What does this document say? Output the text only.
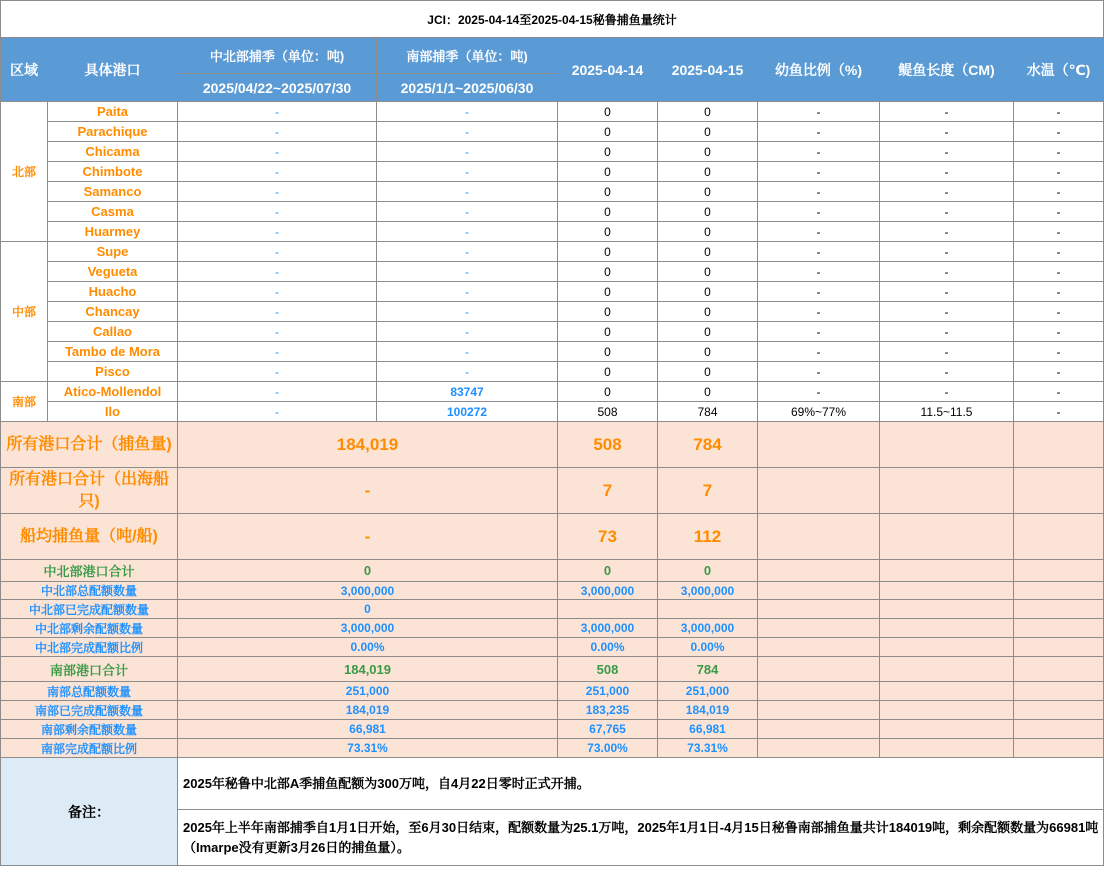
JCI：2025-04-14至2025-04-15秘鲁捕鱼量统计								
区域	具体港口	中北部捕季（单位：吨)	南部捕季（单位：吨)	2025-04-14	2025-04-15	幼鱼比例（%)	鳀鱼长度（CM)	水温（℃)
		2025/04/22~2025/07/30	2025/1/1~2025/06/30					
北部	Paita	-	-	0	0	-	-	-
	Parachique	-	-	0	0	-	-	-
	Chicama	-	-	0	0	-	-	-
	Chimbote	-	-	0	0	-	-	-
	Samanco	-	-	0	0	-	-	-
	Casma	-	-	0	0	-	-	-
	Huarmey	-	-	0	0	-	-	-
中部	Supe	-	-	0	0	-	-	-
	Vegueta	-	-	0	0	-	-	-
	Huacho	-	-	0	0	-	-	-
	Chancay	-	-	0	0	-	-	-
	Callao	-	-	0	0	-	-	-
	Tambo de Mora	-	-	0	0	-	-	-
	Pisco	-	-	0	0	-	-	-
南部	Atico-Mollendol	-	83747	0	0	-	-	-
	Ilo	-	100272	508	784	69%~77%	11.5~11.5	-
所有港口合计（捕鱼量)		184,019		508	784			
所有港口合计（出海船只)		-		7	7			
船均捕鱼量（吨/船)		-		73	112			
中北部港口合计		0		0	0			
中北部总配额数量		3,000,000		3,000,000	3,000,000			
中北部已完成配额数量		0						
中北部剩余配额数量		3,000,000		3,000,000	3,000,000			
中北部完成配额比例		0.00%		0.00%	0.00%			
南部港口合计		184,019		508	784			
南部总配额数量		251,000		251,000	251,000			
南部已完成配额数量		184,019		183,235	184,019			
南部剩余配额数量		66,981		67,765	66,981			
南部完成配额比例		73.31%		73.00%	73.31%			
备注：		2025年秘鲁中北部A季捕鱼配额为300万吨，自4月22日零时正式开捕。						
		2025年上半年南部捕季自1月1日开始，至6月30日结束，配额数量为25.1万吨，2025年1月1日-4月15日秘鲁南部捕鱼量共计184019吨，剩余配额数量为66981吨（Imarpe没有更新3月26日的捕鱼量）。						
